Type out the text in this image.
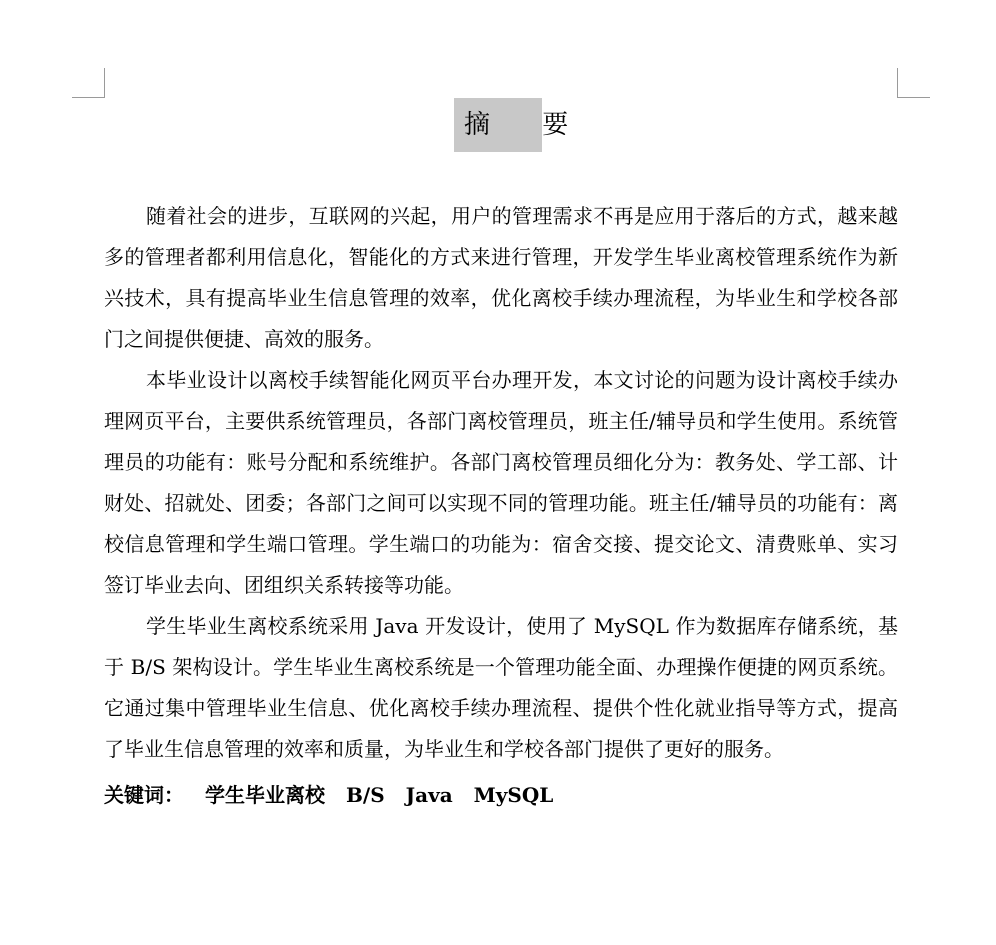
摘 要

随着社会的进步，互联网的兴起，用户的管理需求不再是应用于落后的方式，越来越多的管理者都利用信息化，智能化的方式来进行管理，开发学生毕业离校管理系统作为新兴技术，具有提高毕业生信息管理的效率，优化离校手续办理流程，为毕业生和学校各部门之间提供便捷、高效的服务。

本毕业设计以离校手续智能化网页平台办理开发，本文讨论的问题为设计离校手续办理网页平台，主要供系统管理员，各部门离校管理员，班主任/辅导员和学生使用。系统管理员的功能有：账号分配和系统维护。各部门离校管理员细化分为：教务处、学工部、计财处、招就处、团委；各部门之间可以实现不同的管理功能。班主任/辅导员的功能有：离校信息管理和学生端口管理。学生端口的功能为：宿舍交接、提交论文、清费账单、实习签订毕业去向、团组织关系转接等功能。

学生毕业生离校系统采用 Java 开发设计，使用了 MySQL 作为数据库存储系统，基于 B/S 架构设计。学生毕业生离校系统是一个管理功能全面、办理操作便捷的网页系统。它通过集中管理毕业生信息、优化离校手续办理流程、提供个性化就业指导等方式，提高了毕业生信息管理的效率和质量，为毕业生和学校各部门提供了更好的服务。

关键词： 学生毕业离校 B/S Java MySQL
